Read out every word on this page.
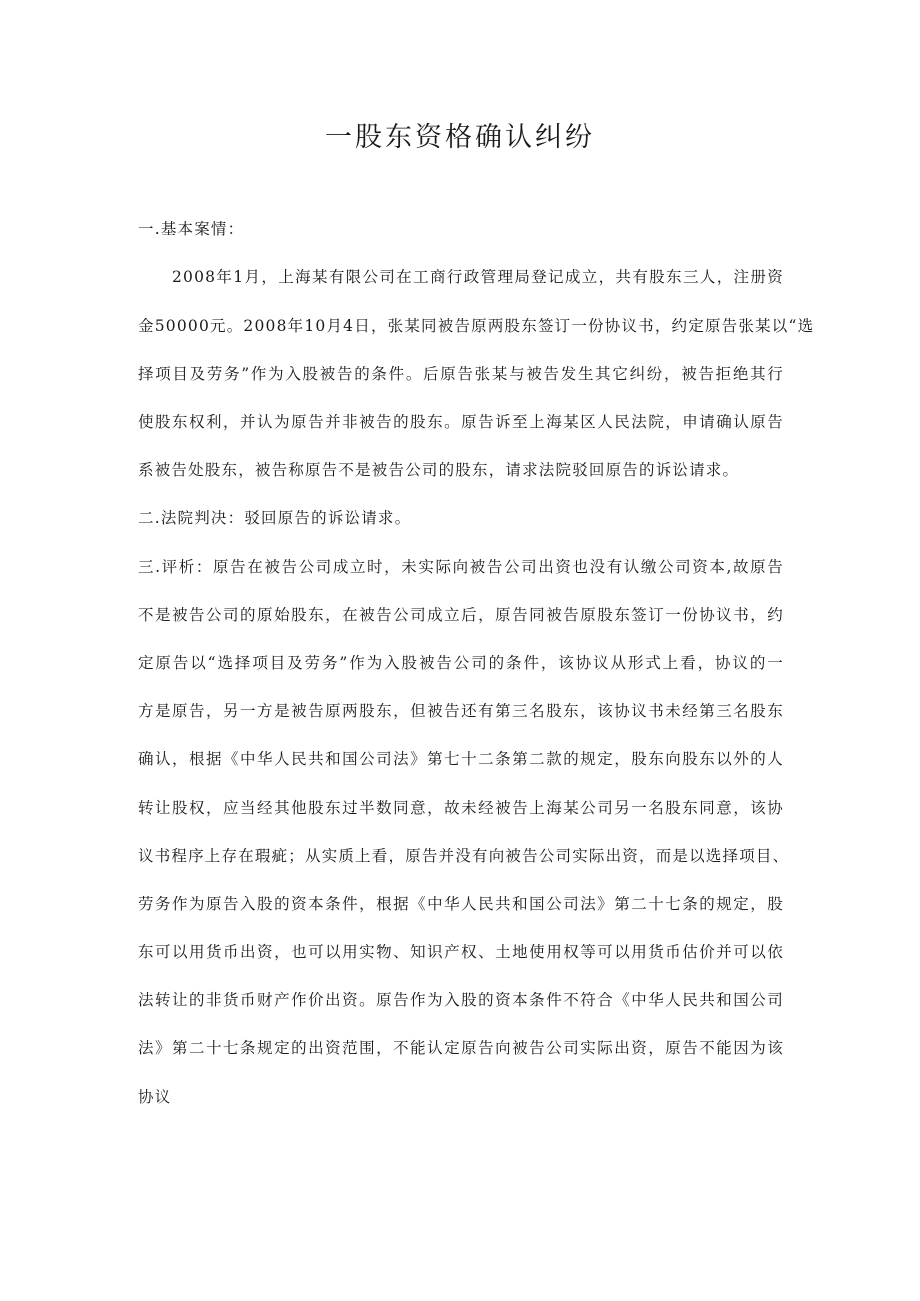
一股东资格确认纠纷

一.基本案情：

2008年1月，上海某有限公司在工商行政管理局登记成立，共有股东三人，注册资

金50000元。2008年10月4日，张某同被告原两股东签订一份协议书，约定原告张某以“选

择项目及劳务”作为入股被告的条件。后原告张某与被告发生其它纠纷，被告拒绝其行

使股东权利，并认为原告并非被告的股东。原告诉至上海某区人民法院，申请确认原告

系被告处股东，被告称原告不是被告公司的股东，请求法院驳回原告的诉讼请求。

二.法院判决：驳回原告的诉讼请求。

三.评析：原告在被告公司成立时，未实际向被告公司出资也没有认缴公司资本,故原告

不是被告公司的原始股东，在被告公司成立后，原告同被告原股东签订一份协议书，约

定原告以“选择项目及劳务”作为入股被告公司的条件，该协议从形式上看，协议的一

方是原告，另一方是被告原两股东，但被告还有第三名股东，该协议书未经第三名股东

确认，根据《中华人民共和国公司法》第七十二条第二款的规定，股东向股东以外的人

转让股权，应当经其他股东过半数同意，故未经被告上海某公司另一名股东同意，该协

议书程序上存在瑕疵；从实质上看，原告并没有向被告公司实际出资，而是以选择项目、

劳务作为原告入股的资本条件，根据《中华人民共和国公司法》第二十七条的规定，股

东可以用货币出资，也可以用实物、知识产权、土地使用权等可以用货币估价并可以依

法转让的非货币财产作价出资。原告作为入股的资本条件不符合《中华人民共和国公司

法》第二十七条规定的出资范围，不能认定原告向被告公司实际出资，原告不能因为该

协议
